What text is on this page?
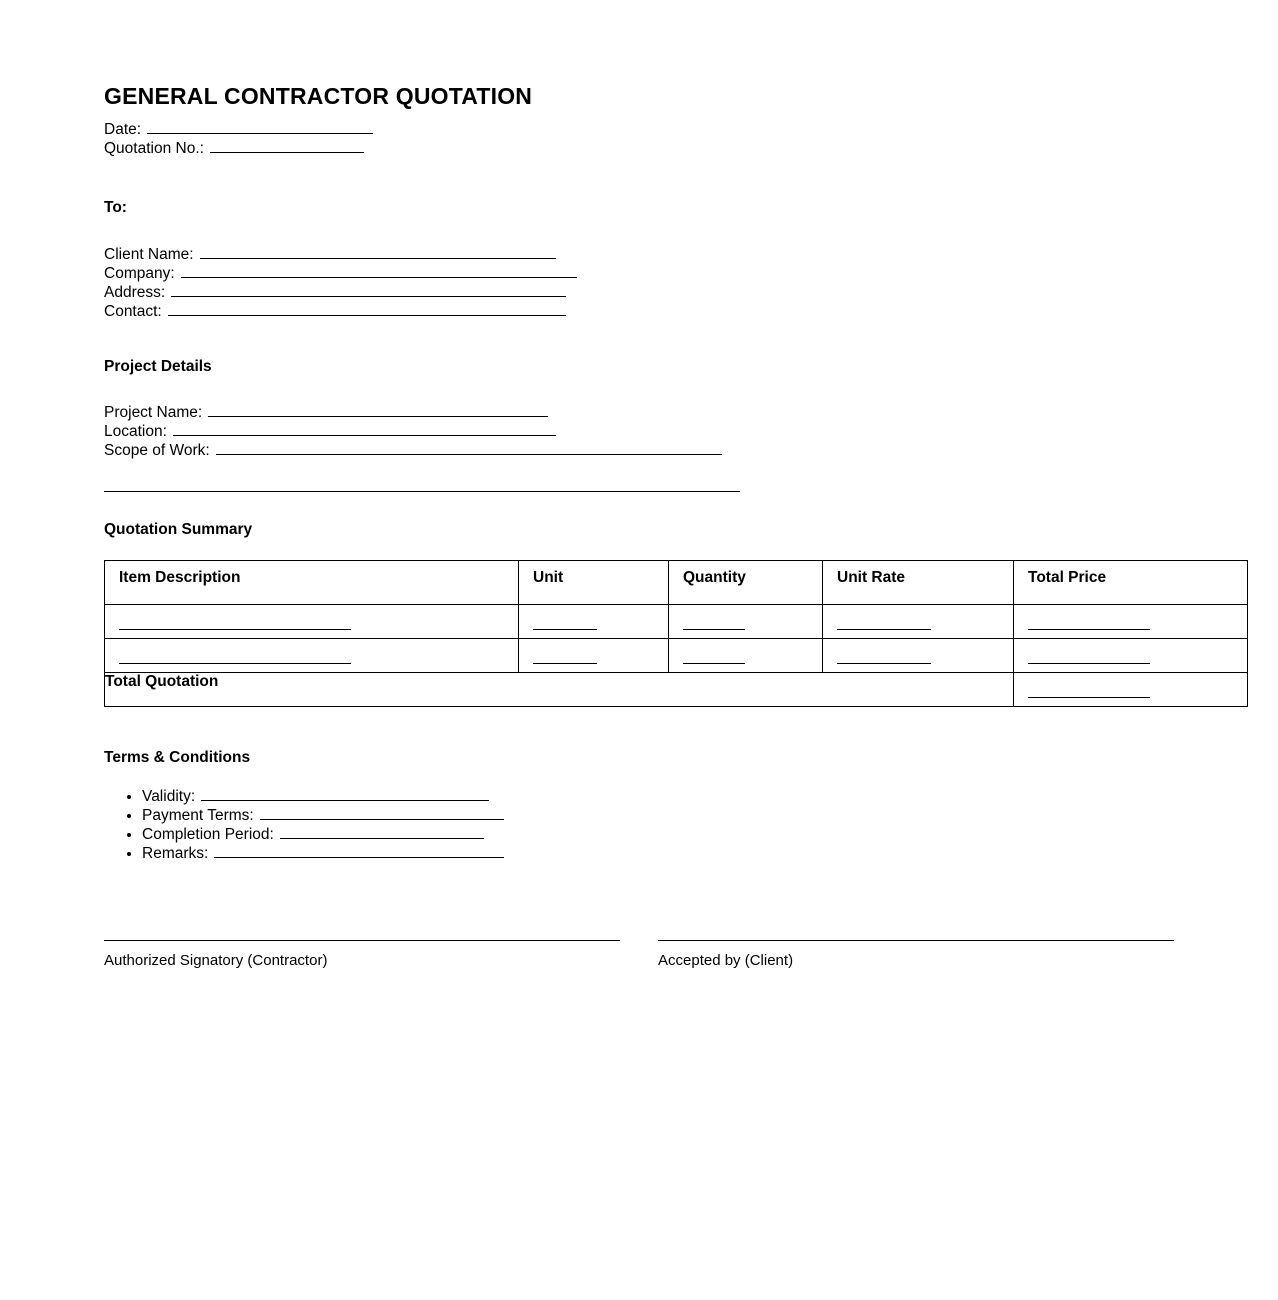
GENERAL CONTRACTOR QUOTATION
Date:
Quotation No.:
To:
Client Name:
Company:
Address:
Contact:
Project Details
Project Name:
Location:
Scope of Work:
Quotation Summary
Item Description	Unit	Quantity	Unit Rate	Total Price

Total Quotation				
Terms & Conditions
• Validity:
• Payment Terms:
• Completion Period:
• Remarks:
Authorized Signatory (Contractor)	Accepted by (Client)
